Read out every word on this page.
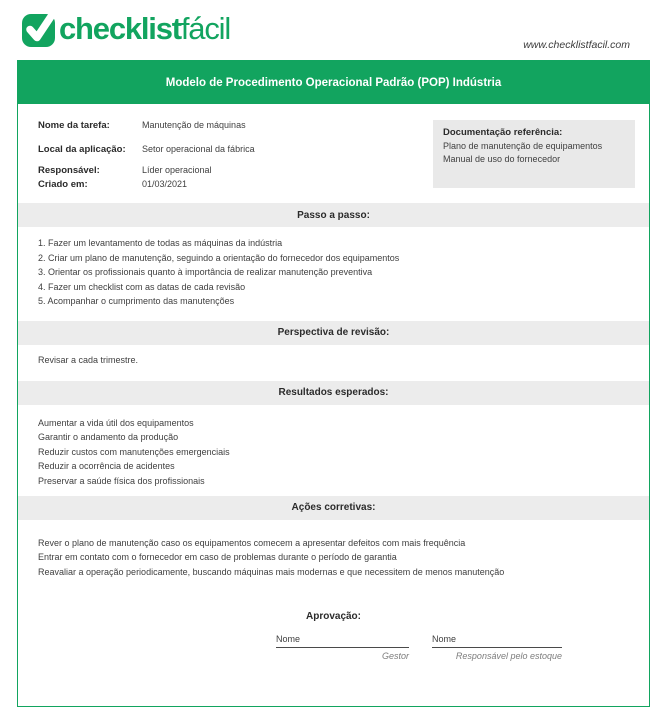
checklistfácil	www.checklistfacil.com
Modelo de Procedimento Operacional Padrão (POP) Indústria
Nome da tarefa:	Manutenção de máquinas
Local da aplicação:	Setor operacional da fábrica
Responsável:	Líder operacional
Criado em:	01/03/2021
Documentação referência:
Plano de manutenção de equipamentos
Manual de uso do fornecedor
Passo a passo:
1. Fazer um levantamento de todas as máquinas da indústria
2. Criar um plano de manutenção, seguindo a orientação do fornecedor dos equipamentos
3. Orientar os profissionais quanto à importância de realizar manutenção preventiva
4. Fazer um checklist com as datas de cada revisão
5. Acompanhar o cumprimento das manutenções
Perspectiva de revisão:
Revisar a cada trimestre.
Resultados esperados:
Aumentar a vida útil dos equipamentos
Garantir o andamento da produção
Reduzir custos com manutenções emergenciais
Reduzir a ocorrência de acidentes
Preservar a saúde física dos profissionais
Ações corretivas:
Rever o plano de manutenção caso os equipamentos comecem a apresentar defeitos com mais frequência
Entrar em contato com o fornecedor em caso de problemas durante o período de garantia
Reavaliar a operação periodicamente, buscando máquinas mais modernas e que necessitem de menos manutenção
Aprovação:
Nome
Gestor
Nome
Responsável pelo estoque
